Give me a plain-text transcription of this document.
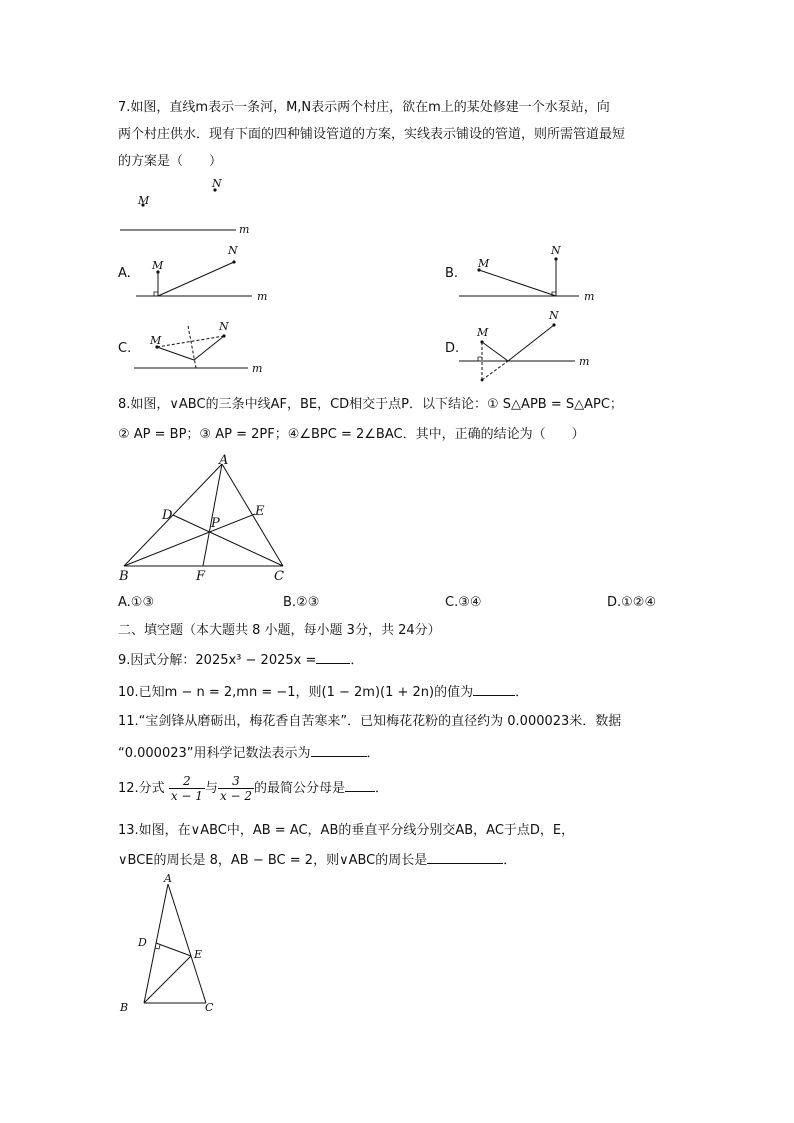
7.如图，直线m表示一条河，M,N表示两个村庄，欲在m上的某处修建一个水泵站，向
两个村庄供水．现有下面的四种铺设管道的方案，实线表示铺设的管道，则所需管道最短
的方案是（　　）
M
N
m
A.
m
M
N
B.
m
M
N
C.
m
M
N
D.
m
M
N
8.如图，∨ABC的三条中线AF，BE，CD相交于点P．以下结论：① S△APB = S△APC；
② AP = BP；③ AP = 2PF；④∠BPC = 2∠BAC．其中，正确的结论为（　　）
A
B	C
D	E
F
P
A.①③	B.②③	C.③④	D.①②④
二、填空题（本大题共 8 小题，每小题 3分，共 24分）
9.因式分解：2025x³ − 2025x =	．
10.已知m − n = 2,mn = −1，则(1 − 2m)(1 + 2n)的值为	．
11.“宝剑锋从磨砺出，梅花香自苦寒来”．已知梅花花粉的直径约为 0.000023米．数据
“0.000023”用科学记数法表示为	．
12.分式 $\frac{2}{x - 1}$ 与 $\frac{3}{x - 2}$ 的最简公分母是 ．
13.如图，在∨ABC中，AB = AC，AB的垂直平分线分别交AB，AC于点D，E，
∨BCE的周长是 8，AB − BC = 2，则∨ABC的周长是	．
A
B	C
D
E
